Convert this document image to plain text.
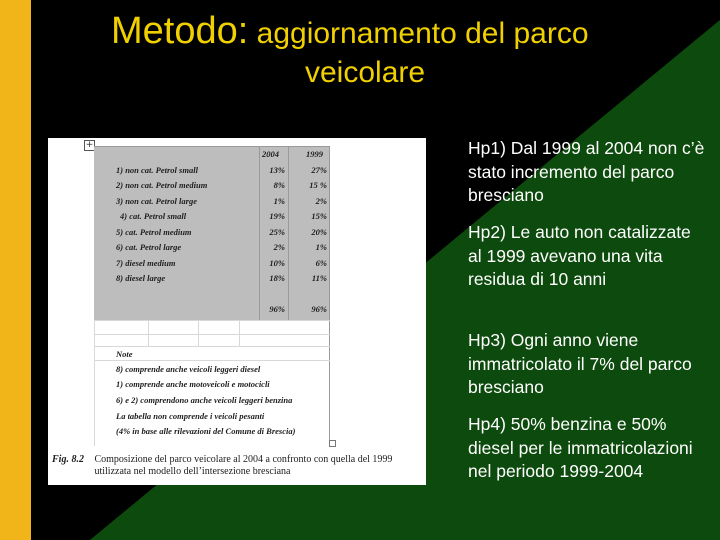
Metodo: aggiornamento del parco
veicolare
Hp1) Dal 1999 al 2004 non c’è stato incremento del parco bresciano
Hp2) Le auto non catalizzate al 1999 avevano una vita residua di 10 anni
Hp3) Ogni anno viene immatricolato il 7% del parco bresciano
Hp4) 50% benzina e 50% diesel per le immatricolazioni nel periodo 1999-2004
+
2004	1999
1) non cat. Petrol small	13%	27%
2) non cat. Petrol medium	8%	15 %
3) non cat. Petrol large	1%	2%
4) cat. Petrol small	19%	15%
5) cat. Petrol medium	25%	20%
6) cat. Petrol large	2%	1%
7) diesel medium	10%	6%
8) diesel large	18%	11%
96%	96%
Note
8) comprende anche veicoli leggeri diesel
1) comprende anche motoveicoli e motocicli
6) e 2) comprendono anche veicoli leggeri benzina
La tabella non comprende i veicoli pesanti
(4% in base alle rilevazioni del Comune di Brescia)
Fig. 8.2 Composizione del parco veicolare al 2004 a confronto con quella del 1999 utilizzata nel modello dell’intersezione bresciana
